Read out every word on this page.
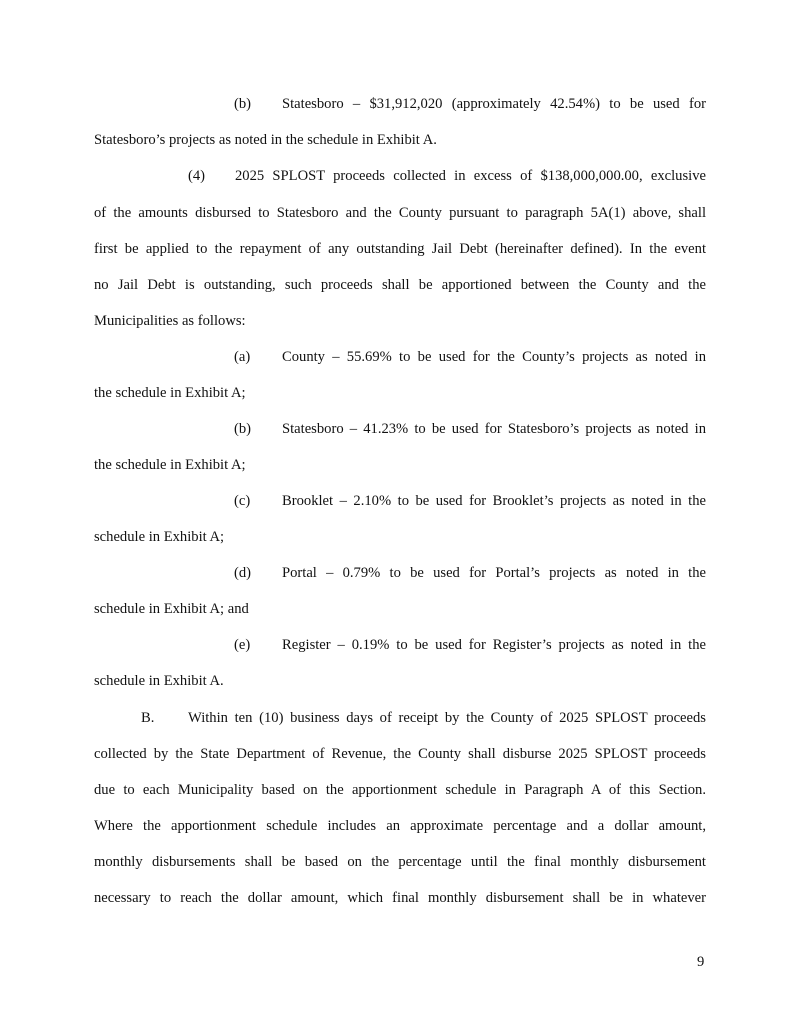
(b) Statesboro – $31,912,020 (approximately 42.54%) to be used for
Statesboro’s projects as noted in the schedule in Exhibit A.
(4) 2025 SPLOST proceeds collected in excess of $138,000,000.00, exclusive
of the amounts disbursed to Statesboro and the County pursuant to paragraph 5A(1) above, shall
first be applied to the repayment of any outstanding Jail Debt (hereinafter defined). In the event
no Jail Debt is outstanding, such proceeds shall be apportioned between the County and the
Municipalities as follows:
(a) County – 55.69% to be used for the County’s projects as noted in
the schedule in Exhibit A;
(b) Statesboro – 41.23% to be used for Statesboro’s projects as noted in
the schedule in Exhibit A;
(c) Brooklet – 2.10% to be used for Brooklet’s projects as noted in the
schedule in Exhibit A;
(d) Portal – 0.79% to be used for Portal’s projects as noted in the
schedule in Exhibit A; and
(e) Register – 0.19% to be used for Register’s projects as noted in the
schedule in Exhibit A.
B. Within ten (10) business days of receipt by the County of 2025 SPLOST proceeds
collected by the State Department of Revenue, the County shall disburse 2025 SPLOST proceeds
due to each Municipality based on the apportionment schedule in Paragraph A of this Section.
Where the apportionment schedule includes an approximate percentage and a dollar amount,
monthly disbursements shall be based on the percentage until the final monthly disbursement
necessary to reach the dollar amount, which final monthly disbursement shall be in whatever
9
